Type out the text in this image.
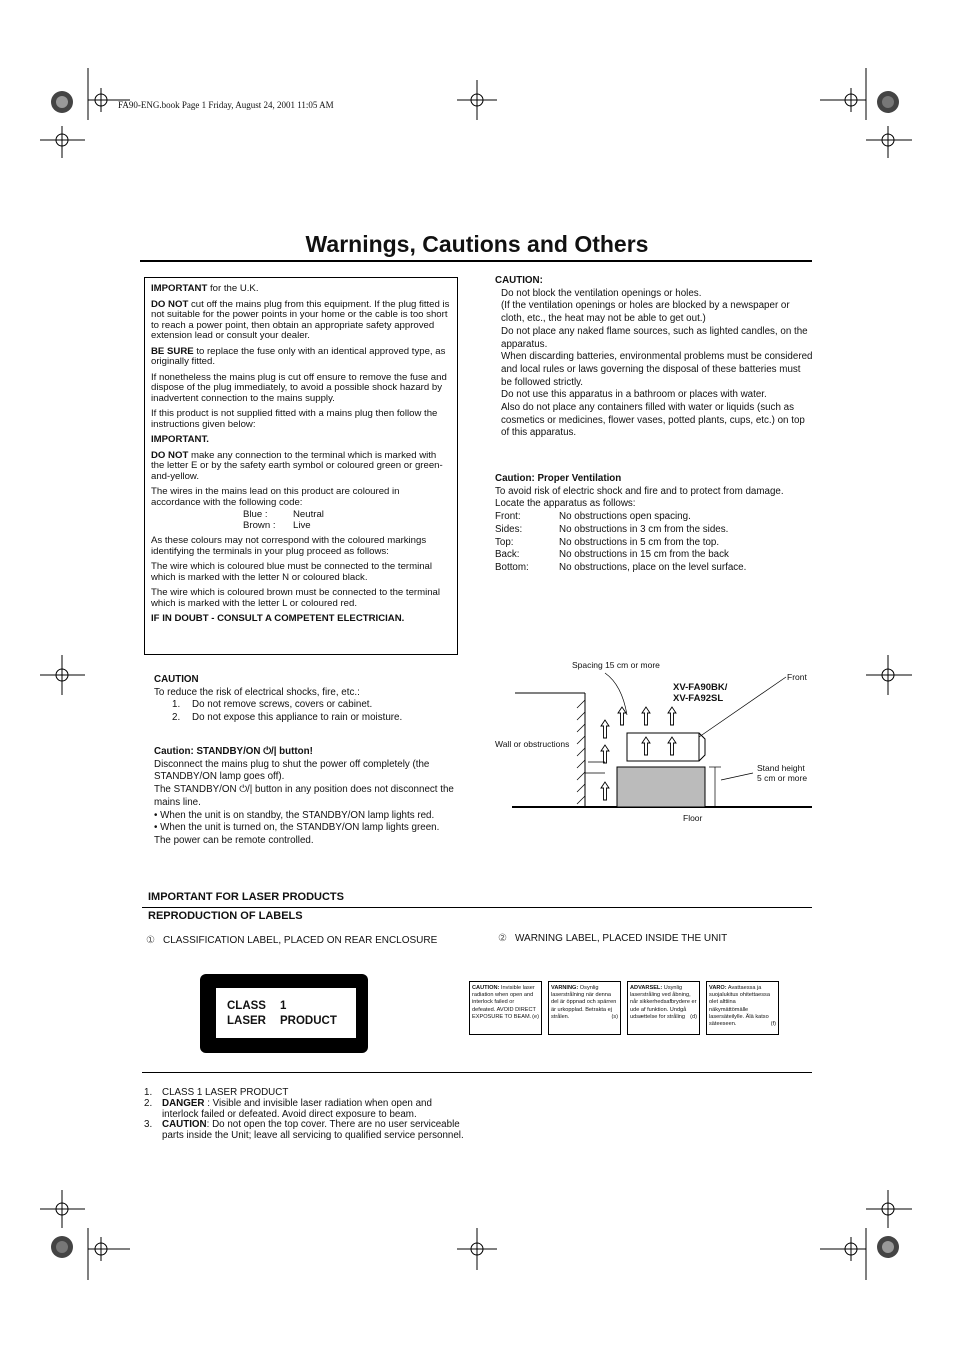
FA90-ENG.book Page 1 Friday, August 24, 2001 11:05 AM
Warnings, Cautions and Others

IMPORTANT for the U.K.

DO NOT cut off the mains plug from this equipment. If the plug fitted is not suitable for the power points in your home or the cable is too short to reach a power point, then obtain an appropriate safety approved extension lead or consult your dealer.

BE SURE to replace the fuse only with an identical approved type, as originally fitted.

If nonetheless the mains plug is cut off ensure to remove the fuse and dispose of the plug immediately, to avoid a possible shock hazard by inadvertent connection to the mains supply.

If this product is not supplied fitted with a mains plug then follow the instructions given below:

IMPORTANT.

DO NOT make any connection to the terminal which is marked with the letter E or by the safety earth symbol or coloured green or green-and-yellow.

The wires in the mains lead on this product are coloured in accordance with the following code:

Blue :	Neutral
Brown :	Live

As these colours may not correspond with the coloured markings identifying the terminals in your plug proceed as follows:

The wire which is coloured blue must be connected to the terminal which is marked with the letter N or coloured black.

The wire which is coloured brown must be connected to the terminal which is marked with the letter L or coloured red.

IF IN DOUBT - CONSULT A COMPETENT ELECTRICIAN.

CAUTION:

Do not block the ventilation openings or holes.

(If the ventilation openings or holes are blocked by a newspaper or cloth, etc., the heat may not be able to get out.)

Do not place any naked flame sources, such as lighted candles, on the apparatus.

When discarding batteries, environmental problems must be considered and local rules or laws governing the disposal of these batteries must be followed strictly.

Do not use this apparatus in a bathroom or places with water.

Also do not place any containers filled with water or liquids (such as cosmetics or medicines, flower vases, potted plants, cups, etc.) on top of this apparatus.

Caution: Proper Ventilation

To avoid risk of electric shock and fire and to protect from damage.

Locate the apparatus as follows:

Front:	No obstructions open spacing.
Sides:	No obstructions in 3 cm from the sides.
Top:	No obstructions in 5 cm from the top.
Back:	No obstructions in 15 cm from the back
Bottom:	No obstructions, place on the level surface.

CAUTION

To reduce the risk of electrical shocks, fire, etc.:

1.	Do not remove screws, covers or cabinet.
2.	Do not expose this appliance to rain or moisture.

Caution: STANDBY/ON ⏻/| button!

Disconnect the mains plug to shut the power off completely (the STANDBY/ON lamp goes off).

The STANDBY/ON ⏻/| button in any position does not disconnect the mains line.

• When the unit is on standby, the STANDBY/ON lamp lights red.

• When the unit is turned on, the STANDBY/ON lamp lights green.

The power can be remote controlled.

Spacing 15 cm or more
Front
XV-FA90BK/
XV-FA92SL
Wall or obstructions
Stand height
5 cm or more
Floor
IMPORTANT FOR LASER PRODUCTS
REPRODUCTION OF LABELS
① CLASSIFICATION LABEL, PLACED ON REAR ENCLOSURE	② WARNING LABEL, PLACED INSIDE THE UNIT
CLASS	1
LASER	PRODUCT
CAUTION: Invisible laser radiation when open and interlock failed or defeated. AVOID DIRECT EXPOSURE TO BEAM. (e)
VARNING: Osynlig laserstrålning när denna del är öppnad och spärren är urkopplad. Betrakta ej strålen.	(s)
ADVARSEL: Usynlig laserstråling ved åbning, når sikkerhedsafbrydere er ude af funktion. Undgå udsættelse for stråling (d)
VARO: Avattaessa ja suojalukitus ohitettaessa olet alttiina näkymättömälle lasersäteilylle. Älä katso säteeseen.	(f)
1.	CLASS 1 LASER PRODUCT
2.	DANGER : Visible and invisible laser radiation when open and interlock failed or defeated. Avoid direct exposure to beam.
3.	CAUTION: Do not open the top cover. There are no user serviceable parts inside the Unit; leave all servicing to qualified service personnel.
